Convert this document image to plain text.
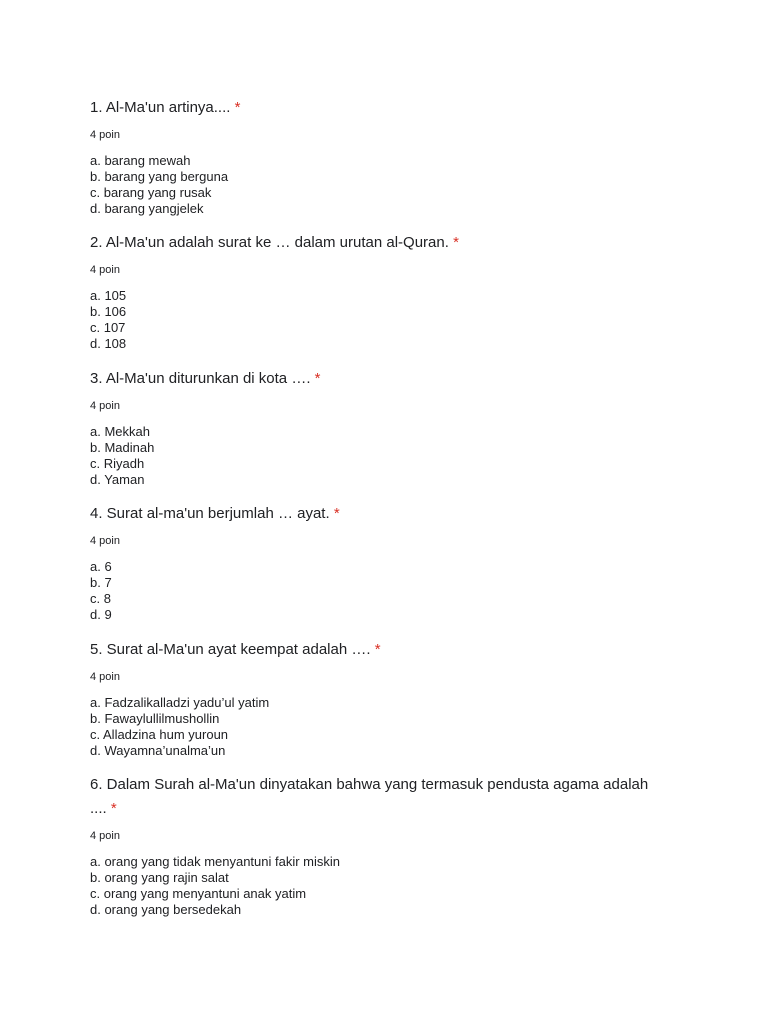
1. Al-Ma'un artinya.... *

4 poin
a. barang mewah
b. barang yang berguna
c. barang yang rusak
d. barang yangjelek

2. Al-Ma'un adalah surat ke … dalam urutan al-Quran. *

4 poin
a. 105
b. 106
c. 107
d. 108

3. Al-Ma'un diturunkan di kota …. *

4 poin
a. Mekkah
b. Madinah
c. Riyadh
d. Yaman

4. Surat al-ma'un berjumlah … ayat. *

4 poin
a. 6
b. 7
c. 8
d. 9

5. Surat al-Ma'un ayat keempat adalah …. *

4 poin
a. Fadzalikalladzi yadu’ul yatim
b. Fawaylullilmushollin
c. Alladzina hum yuroun
d. Wayamna’unalma’un

6. Dalam Surah al-Ma'un dinyatakan bahwa yang termasuk pendusta agama adalah .... *

4 poin
a. orang yang tidak menyantuni fakir miskin
b. orang yang rajin salat
c. orang yang menyantuni anak yatim
d. orang yang bersedekah
